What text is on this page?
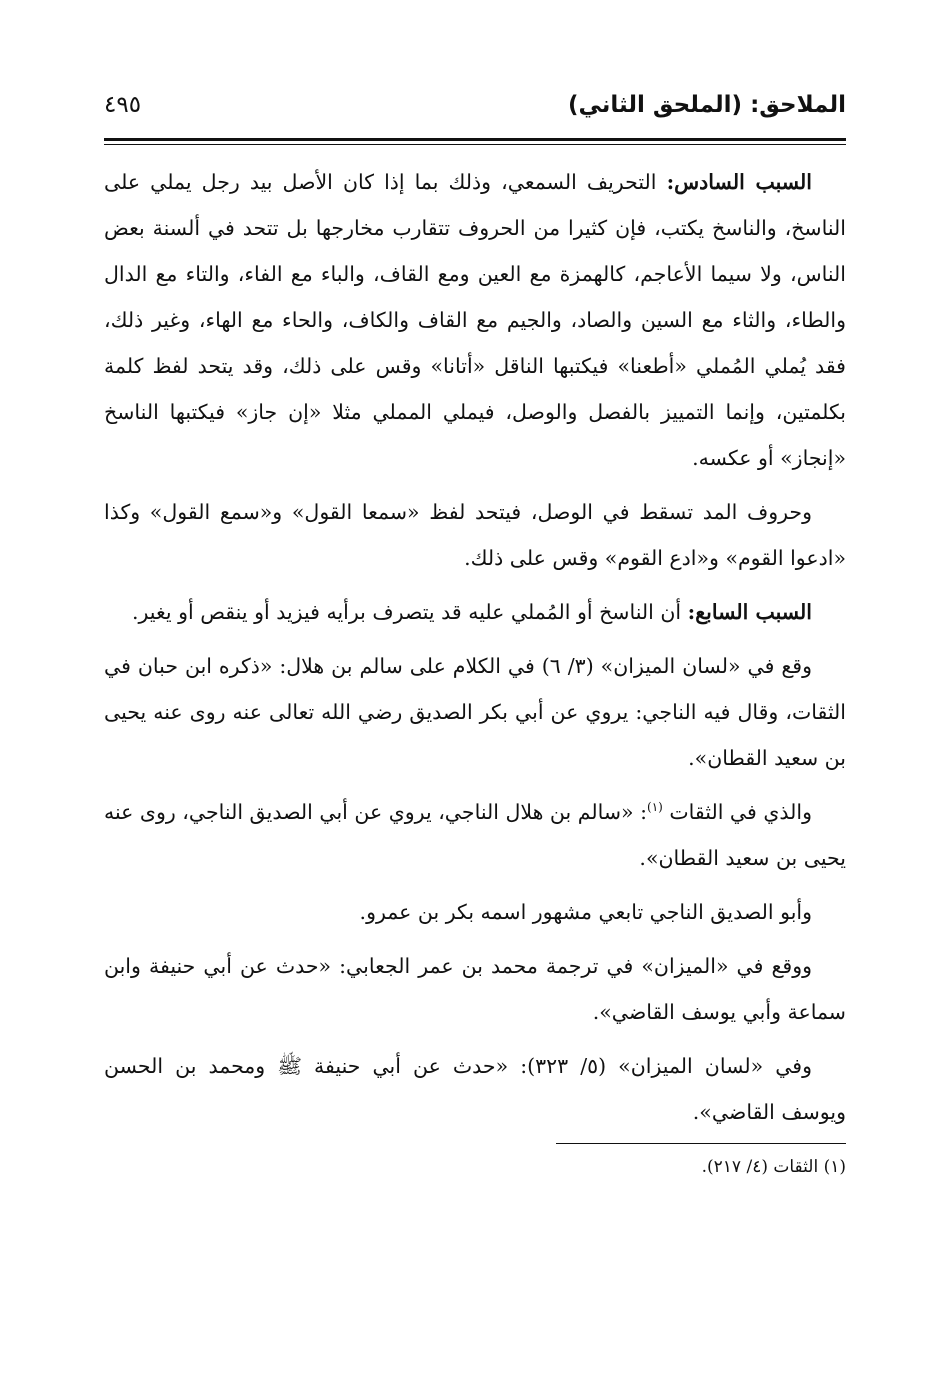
الملاحق: (الملحق الثاني)
٤٩٥

السبب السادس: التحريف السمعي، وذلك بما إذا كان الأصل بيد رجل يملي على الناسخ، والناسخ يكتب، فإن كثيرا من الحروف تتقارب مخارجها بل تتحد في ألسنة بعض الناس، ولا سيما الأعاجم، كالهمزة مع العين ومع القاف، والباء مع الفاء، والتاء مع الدال والطاء، والثاء مع السين والصاد، والجيم مع القاف والكاف، والحاء مع الهاء، وغير ذلك، فقد يُملي المُملي «أطعنا» فيكتبها الناقل «أتانا» وقس على ذلك، وقد يتحد لفظ كلمة بكلمتين، وإنما التمييز بالفصل والوصل، فيملي المملي مثلا «إن جاز» فيكتبها الناسخ «إنجاز» أو عكسه.

وحروف المد تسقط في الوصل، فيتحد لفظ «سمعا القول» و«سمع القول» وكذا «ادعوا القوم» و«ادع القوم» وقس على ذلك.

السبب السابع: أن الناسخ أو المُملي عليه قد يتصرف برأيه فيزيد أو ينقص أو يغير.

وقع في «لسان الميزان» (٣/ ٦) في الكلام على سالم بن هلال: «ذكره ابن حبان في الثقات، وقال فيه الناجي: يروي عن أبي بكر الصديق رضي الله تعالى عنه روى عنه يحيى بن سعيد القطان».

والذي في الثقات $^{(١)}$: «سالم بن هلال الناجي، يروي عن أبي الصديق الناجي، روى عنه يحيى بن سعيد القطان».

وأبو الصديق الناجي تابعي مشهور اسمه بكر بن عمرو.

ووقع في «الميزان» في ترجمة محمد بن عمر الجعابي: «حدث عن أبي حنيفة وابن سماعة وأبي يوسف القاضي».

وفي «لسان الميزان» (٥/ ٣٢٣): «حدث عن أبي حنيفة ﷺ ومحمد بن الحسن ويوسف القاضي».

(١) الثقات (٤/ ٢١٧).
